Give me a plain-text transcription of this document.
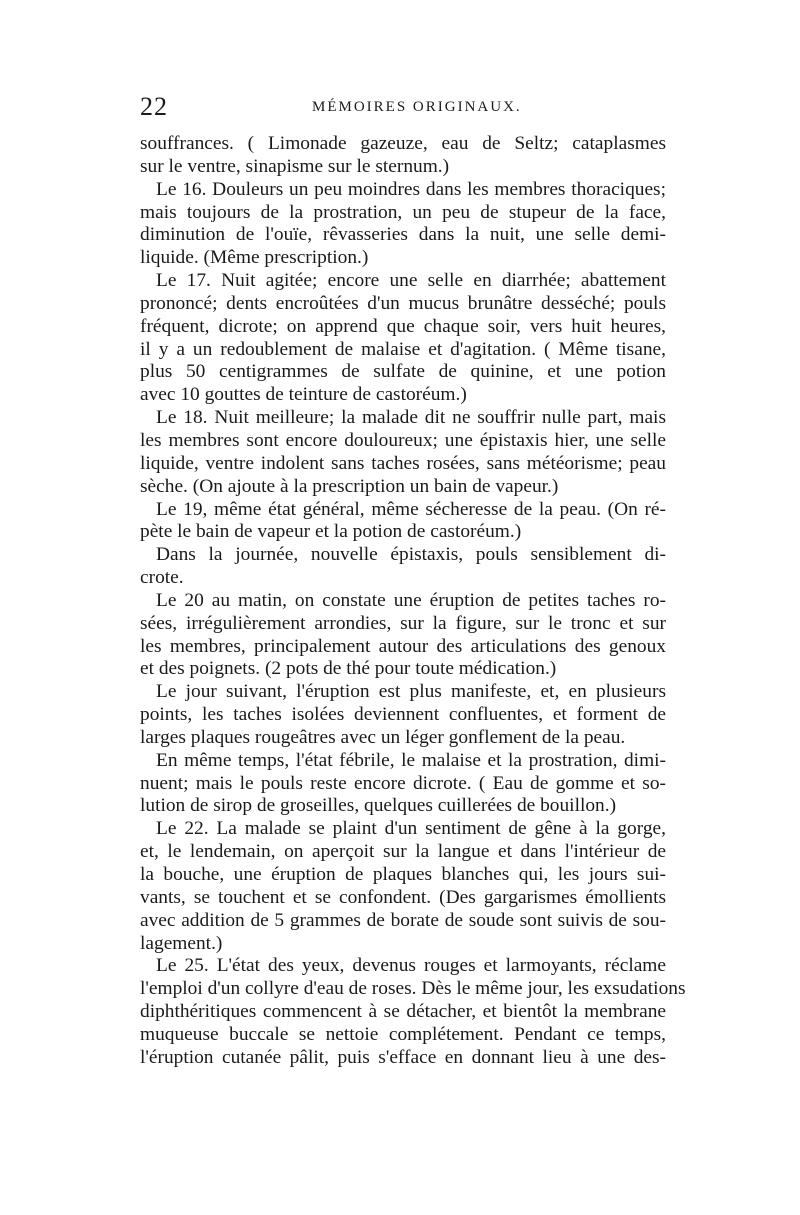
22	MÉMOIRES ORIGINAUX.
souffrances. ( Limonade gazeuze, eau de Seltz; cataplasmes
sur le ventre, sinapisme sur le sternum.)
Le 16. Douleurs un peu moindres dans les membres thoraciques;
mais toujours de la prostration, un peu de stupeur de la face,
diminution de l'ouïe, rêvasseries dans la nuit, une selle demi-
liquide. (Même prescription.)
Le 17. Nuit agitée; encore une selle en diarrhée; abattement
prononcé; dents encroûtées d'un mucus brunâtre desséché; pouls
fréquent, dicrote; on apprend que chaque soir, vers huit heures,
il y a un redoublement de malaise et d'agitation. ( Même tisane,
plus 50 centigrammes de sulfate de quinine, et une potion
avec 10 gouttes de teinture de castoréum.)
Le 18. Nuit meilleure; la malade dit ne souffrir nulle part, mais
les membres sont encore douloureux; une épistaxis hier, une selle
liquide, ventre indolent sans taches rosées, sans météorisme; peau
sèche. (On ajoute à la prescription un bain de vapeur.)
Le 19, même état général, même sécheresse de la peau. (On ré-
pète le bain de vapeur et la potion de castoréum.)
Dans la journée, nouvelle épistaxis, pouls sensiblement di-
crote.
Le 20 au matin, on constate une éruption de petites taches ro-
sées, irrégulièrement arrondies, sur la figure, sur le tronc et sur
les membres, principalement autour des articulations des genoux
et des poignets. (2 pots de thé pour toute médication.)
Le jour suivant, l'éruption est plus manifeste, et, en plusieurs
points, les taches isolées deviennent confluentes, et forment de
larges plaques rougeâtres avec un léger gonflement de la peau.
En même temps, l'état fébrile, le malaise et la prostration, dimi-
nuent; mais le pouls reste encore dicrote. ( Eau de gomme et so-
lution de sirop de groseilles, quelques cuillerées de bouillon.)
Le 22. La malade se plaint d'un sentiment de gêne à la gorge,
et, le lendemain, on aperçoit sur la langue et dans l'intérieur de
la bouche, une éruption de plaques blanches qui, les jours sui-
vants, se touchent et se confondent. (Des gargarismes émollients
avec addition de 5 grammes de borate de soude sont suivis de sou-
lagement.)
Le 25. L'état des yeux, devenus rouges et larmoyants, réclame
l'emploi d'un collyre d'eau de roses. Dès le même jour, les exsudations
diphthéritiques commencent à se détacher, et bientôt la membrane
muqueuse buccale se nettoie complétement. Pendant ce temps,
l'éruption cutanée pâlit, puis s'efface en donnant lieu à une des-
